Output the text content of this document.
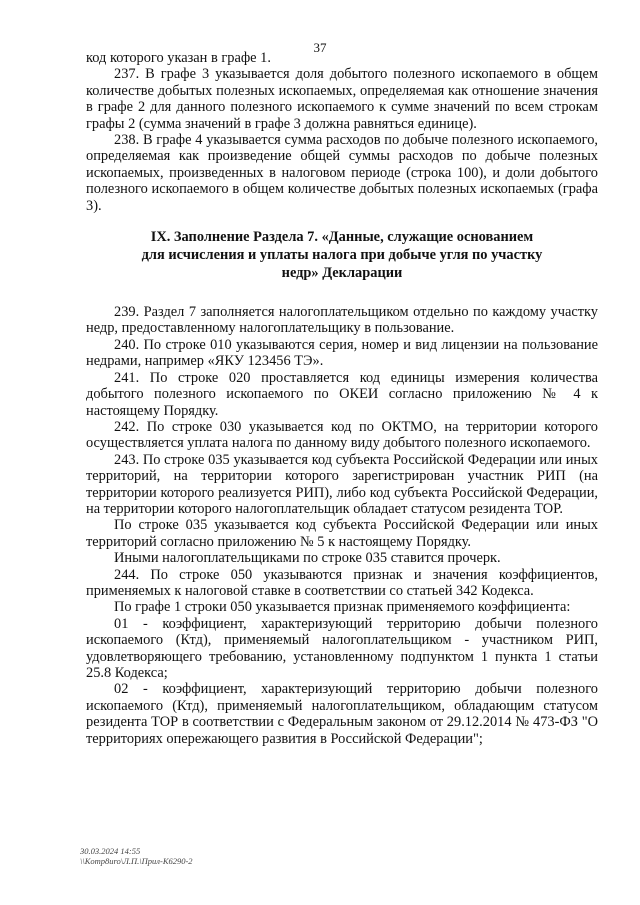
37

код которого указан в графе 1.

237. В графе 3 указывается доля добытого полезного ископаемого в общем количестве добытых полезных ископаемых, определяемая как отношение значения в графе 2 для данного полезного ископаемого к сумме значений по всем строкам графы 2 (сумма значений в графе 3 должна равняться единице).

238. В графе 4 указывается сумма расходов по добыче полезного ископаемого, определяемая как произведение общей суммы расходов по добыче полезных ископаемых, произведенных в налоговом периоде (строка 100), и доли добытого полезного ископаемого в общем количестве добытых полезных ископаемых (графа 3).

IX. Заполнение Раздела 7. «Данные, служащие основанием
для исчисления и уплаты налога при добыче угля по участку
недр» Декларации

239. Раздел 7 заполняется налогоплательщиком отдельно по каждому участку недр, предоставленному налогоплательщику в пользование.

240. По строке 010 указываются серия, номер и вид лицензии на пользование недрами, например «ЯКУ 123456 ТЭ».

241. По строке 020 проставляется код единицы измерения количества добытого полезного ископаемого по ОКЕИ согласно приложению № 4 к настоящему Порядку.

242. По строке 030 указывается код по ОКТМО, на территории которого осуществляется уплата налога по данному виду добытого полезного ископаемого.

243. По строке 035 указывается код субъекта Российской Федерации или иных территорий, на территории которого зарегистрирован участник РИП (на территории которого реализуется РИП), либо код субъекта Российской Федерации, на территории которого налогоплательщик обладает статусом резидента ТОР.

По строке 035 указывается код субъекта Российской Федерации или иных территорий согласно приложению № 5 к настоящему Порядку.

Иными налогоплательщиками по строке 035 ставится прочерк.

244. По строке 050 указываются признак и значения коэффициентов, применяемых к налоговой ставке в соответствии со статьей 342 Кодекса.

По графе 1 строки 050 указывается признак применяемого коэффициента:

01 - коэффициент, характеризующий территорию добычи полезного ископаемого (Ктд), применяемый налогоплательщиком - участником РИП, удовлетворяющего требованию, установленному подпунктом 1 пункта 1 статьи 25.8 Кодекса;

02 - коэффициент, характеризующий территорию добычи полезного ископаемого (Ктд), применяемый налогоплательщиком, обладающим статусом резидента ТОР в соответствии с Федеральным законом от 29.12.2014 № 473-ФЗ "О территориях опережающего развития в Российской Федерации";

30.03.2024 14:55
\\Komp8uro\Л.П.\Прил-К6290-2
